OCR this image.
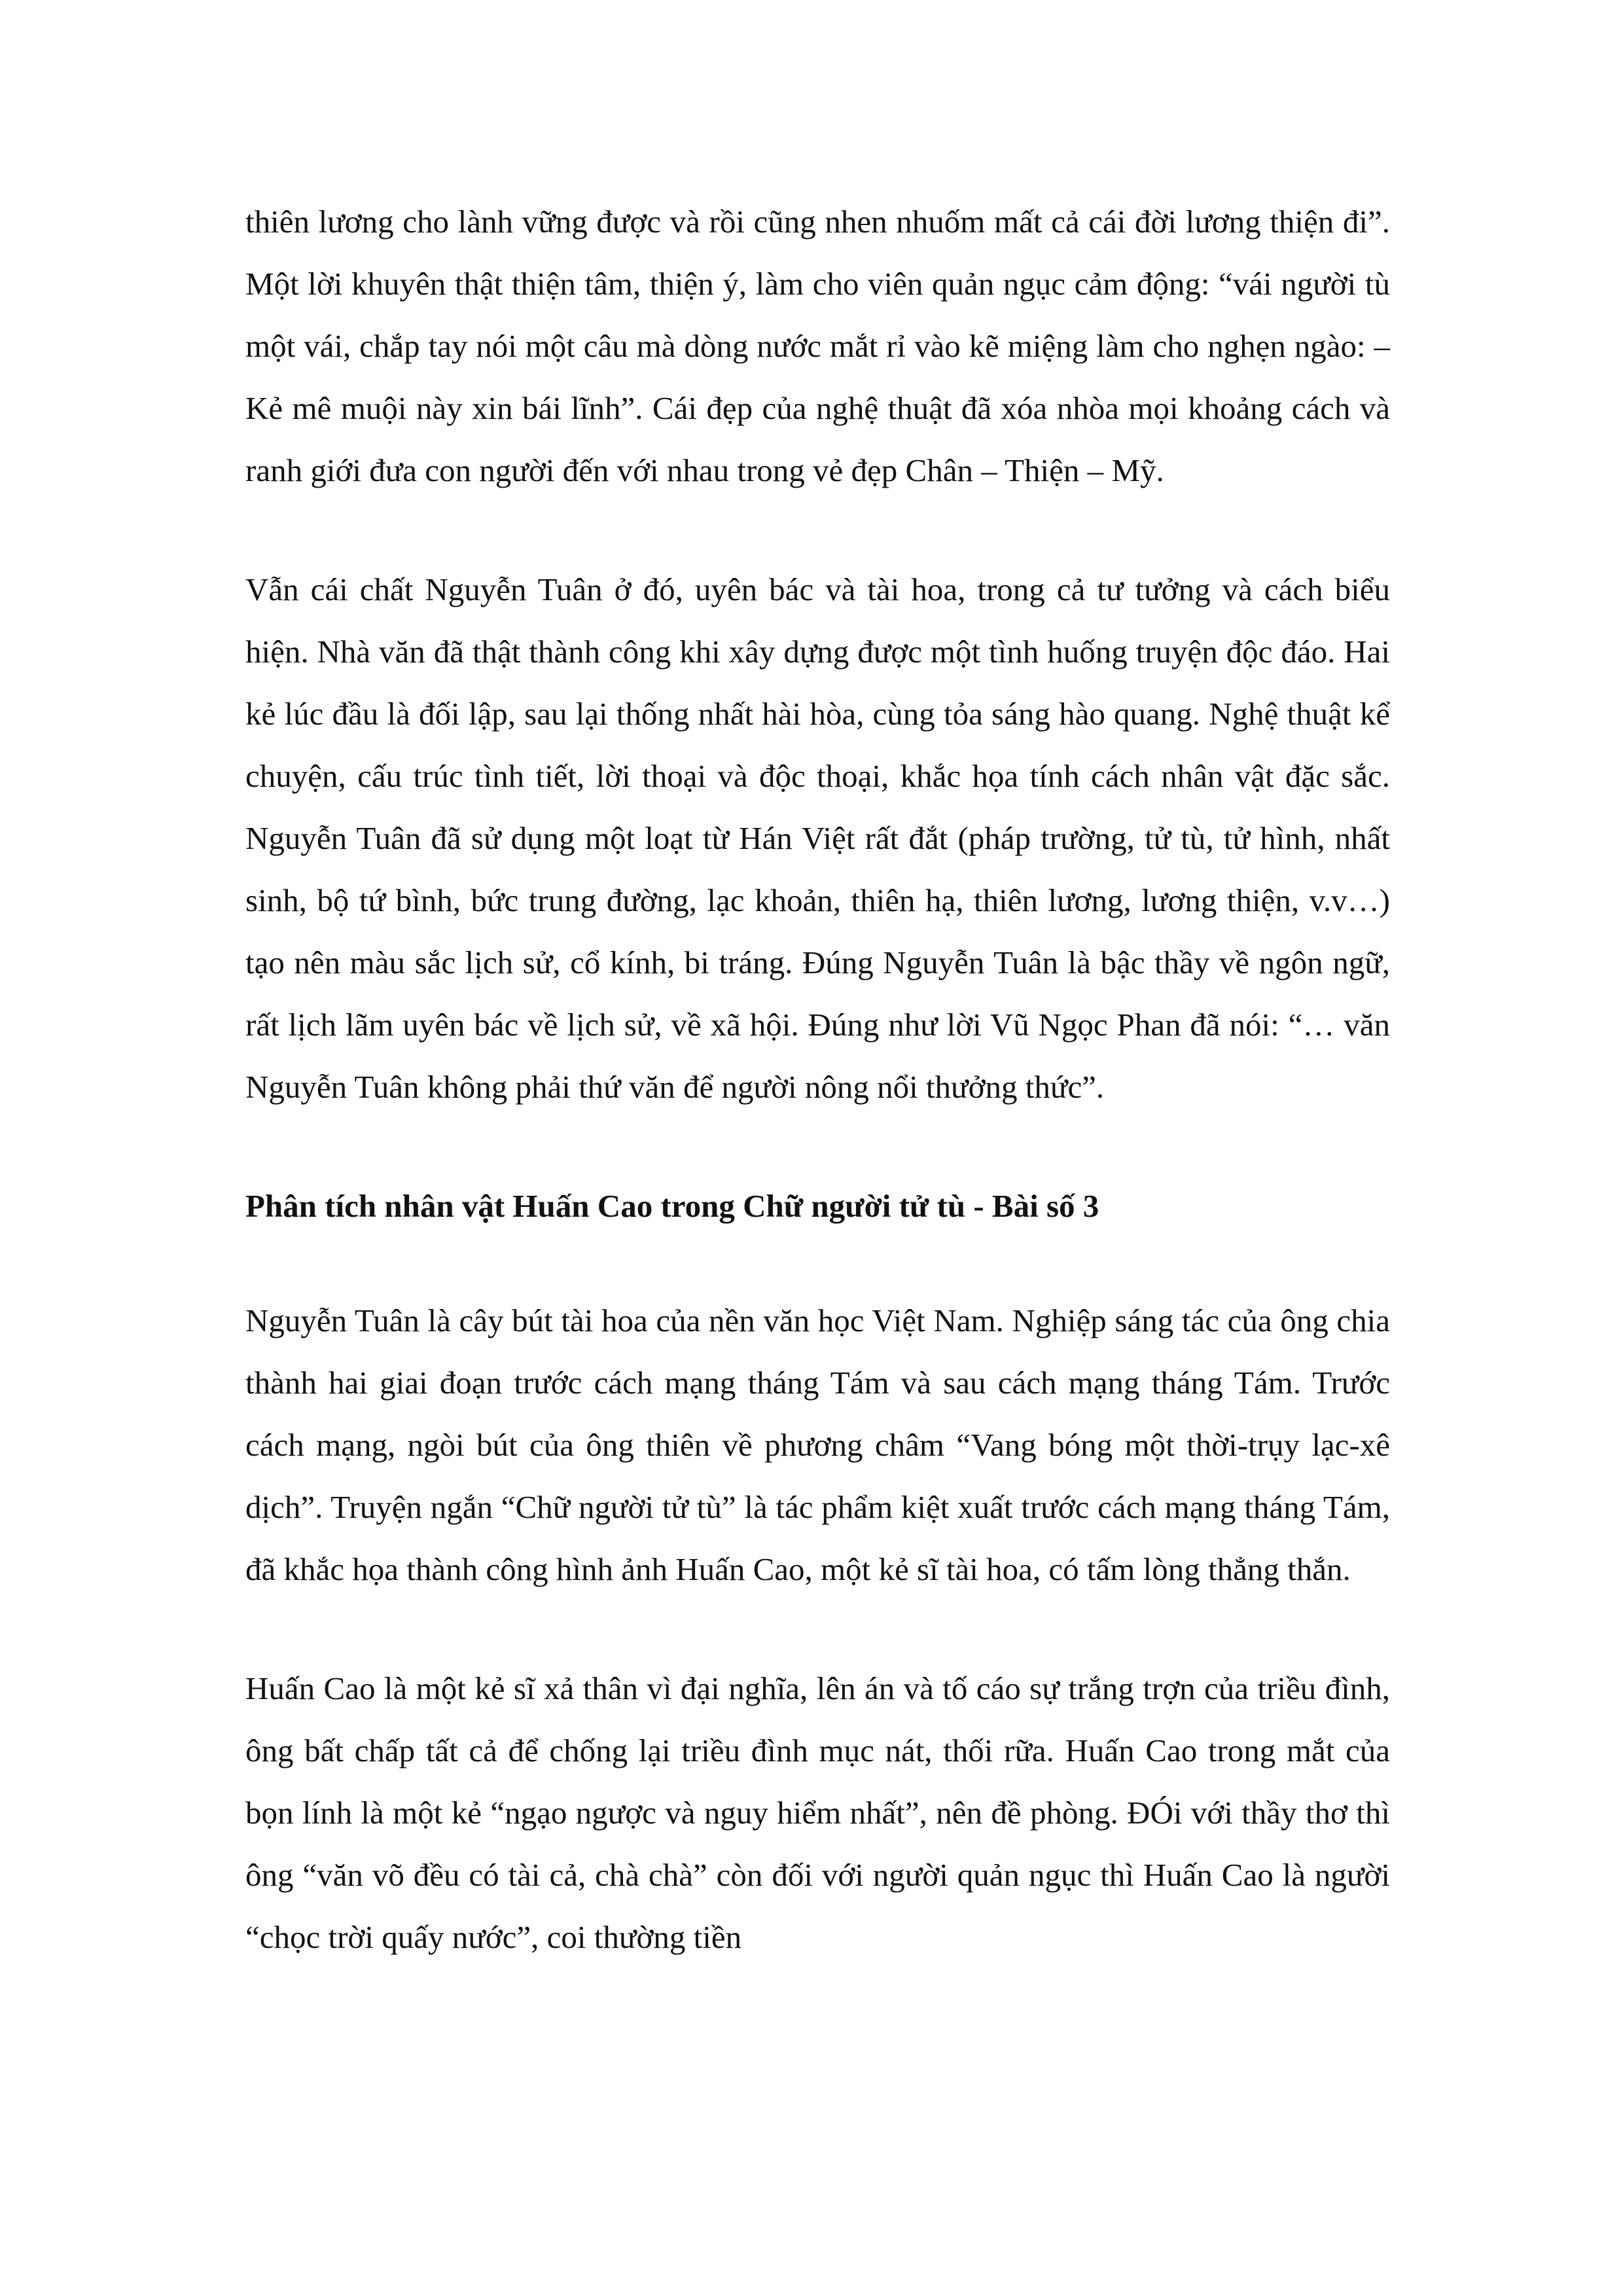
thiên lương cho lành vững được và rồi cũng nhen nhuốm mất cả cái đời lương thiện đi”. Một lời khuyên thật thiện tâm, thiện ý, làm cho viên quản ngục cảm động: “vái người tù một vái, chắp tay nói một câu mà dòng nước mắt rỉ vào kẽ miệng làm cho nghẹn ngào: – Kẻ mê muội này xin bái lĩnh”. Cái đẹp của nghệ thuật đã xóa nhòa mọi khoảng cách và ranh giới đưa con người đến với nhau trong vẻ đẹp Chân – Thiện – Mỹ.

Vẫn cái chất Nguyễn Tuân ở đó, uyên bác và tài hoa, trong cả tư tưởng và cách biểu hiện. Nhà văn đã thật thành công khi xây dựng được một tình huống truyện độc đáo. Hai kẻ lúc đầu là đối lập, sau lại thống nhất hài hòa, cùng tỏa sáng hào quang. Nghệ thuật kể chuyện, cấu trúc tình tiết, lời thoại và độc thoại, khắc họa tính cách nhân vật đặc sắc. Nguyễn Tuân đã sử dụng một loạt từ Hán Việt rất đắt (pháp trường, tử tù, tử hình, nhất sinh, bộ tứ bình, bức trung đường, lạc khoản, thiên hạ, thiên lương, lương thiện, v.v…) tạo nên màu sắc lịch sử, cổ kính, bi tráng. Đúng Nguyễn Tuân là bậc thầy về ngôn ngữ, rất lịch lãm uyên bác về lịch sử, về xã hội. Đúng như lời Vũ Ngọc Phan đã nói: “… văn Nguyễn Tuân không phải thứ văn để người nông nổi thưởng thức”.

Phân tích nhân vật Huấn Cao trong Chữ người tử tù - Bài số 3

Nguyễn Tuân là cây bút tài hoa của nền văn học Việt Nam. Nghiệp sáng tác của ông chia thành hai giai đoạn trước cách mạng tháng Tám và sau cách mạng tháng Tám. Trước cách mạng, ngòi bút của ông thiên về phương châm “Vang bóng một thời-trụy lạc-xê dịch”. Truyện ngắn “Chữ người tử tù” là tác phẩm kiệt xuất trước cách mạng tháng Tám, đã khắc họa thành công hình ảnh Huấn Cao, một kẻ sĩ tài hoa, có tấm lòng thẳng thắn.

Huấn Cao là một kẻ sĩ xả thân vì đại nghĩa, lên án và tố cáo sự trắng trợn của triều đình, ông bất chấp tất cả để chống lại triều đình mục nát, thối rữa. Huấn Cao trong mắt của bọn lính là một kẻ “ngạo ngược và nguy hiểm nhất”, nên đề phòng. ĐÓi với thầy thơ thì ông “văn võ đều có tài cả, chà chà” còn đối với người quản ngục thì Huấn Cao là người “chọc trời quấy nước”, coi thường tiền
